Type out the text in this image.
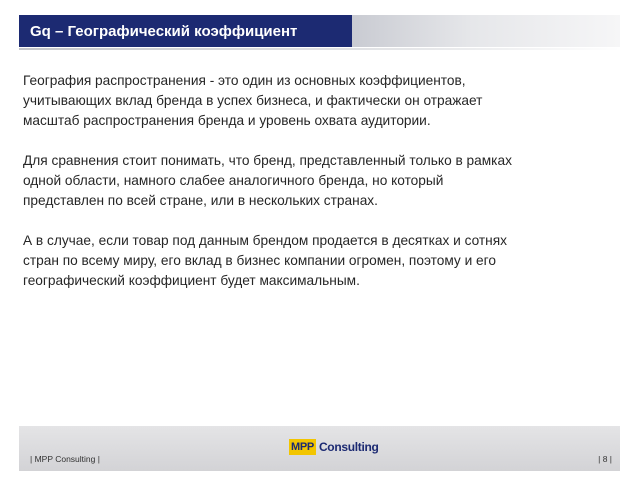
Gq – Географический коэффициент

География распространения - это один из основных коэффициентов,
учитывающих вклад бренда в успех бизнеса, и фактически он отражает
масштаб распространения бренда и уровень охвата аудитории.

Для сравнения стоит понимать, что бренд, представленный только в рамках
одной области, намного слабее аналогичного бренда, но который
представлен по всей стране, или в нескольких странах.

А в случае, если товар под данным брендом продается в десятках и сотнях
стран по всему миру, его вклад в бизнес компании огромен, поэтому и его
географический коэффициент будет максимальным.

| MPP Consulting |
MPP Consulting
| 8 |
